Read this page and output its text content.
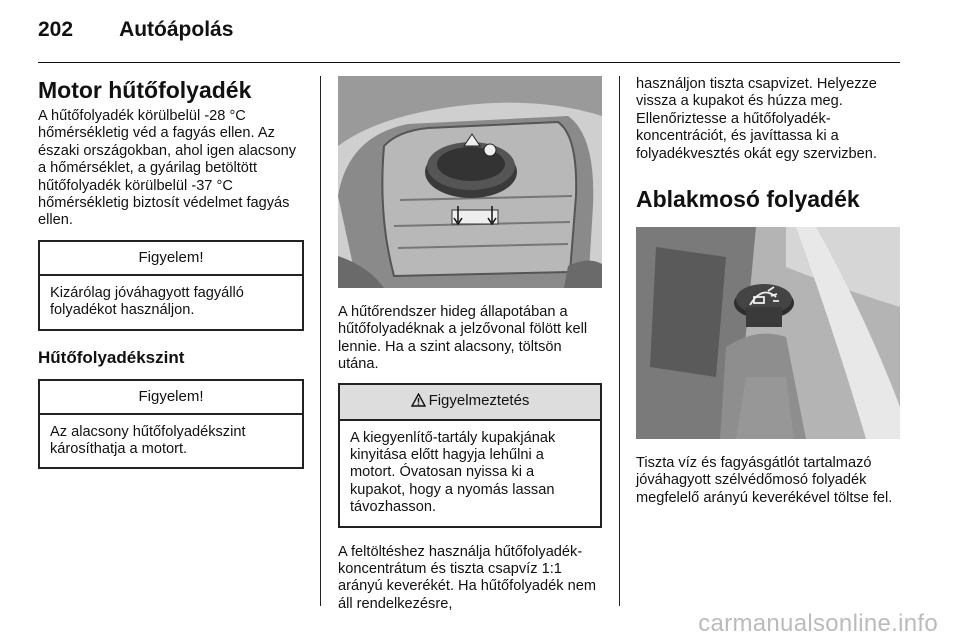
202 Autóápolás
Motor hűtőfolyadék

A hűtőfolyadék körülbelül -28 °C hőmérsékletig véd a fagyás ellen. Az északi országokban, ahol igen alacsony a hőmérséklet, a gyárilag betöltött hűtőfolyadék körülbelül -37 °C hőmérsékletig biztosít védelmet fagyás ellen.

Figyelem!
Kizárólag jóváhagyott fagyálló folyadékot használjon.
Hűtőfolyadékszint
Figyelem!
Az alacsony hűtőfolyadékszint károsíthatja a motort.

A hűtőrendszer hideg állapotában a hűtőfolyadéknak a jelzővonal fölött kell lennie. Ha a szint alacsony, töltsön utána.

Figyelmeztetés
A kiegyenlítő-tartály kupakjának kinyitása előtt hagyja lehűlni a motort. Óvatosan nyissa ki a kupakot, hogy a nyomás lassan távozhasson.

A feltöltéshez használja hűtőfolyadék-koncentrátum és tiszta csapvíz 1:1 arányú keverékét. Ha hűtőfolyadék nem áll rendelkezésre,

használjon tiszta csapvizet. Helyezze vissza a kupakot és húzza meg. Ellenőriztesse a hűtőfolyadék-koncentrációt, és javíttassa ki a folyadékvesztés okát egy szervizben.

Ablakmosó folyadék

Tiszta víz és fagyásgátlót tartalmazó jóváhagyott szélvédőmosó folyadék megfelelő arányú keverékével töltse fel.

carmanualsonline.info
